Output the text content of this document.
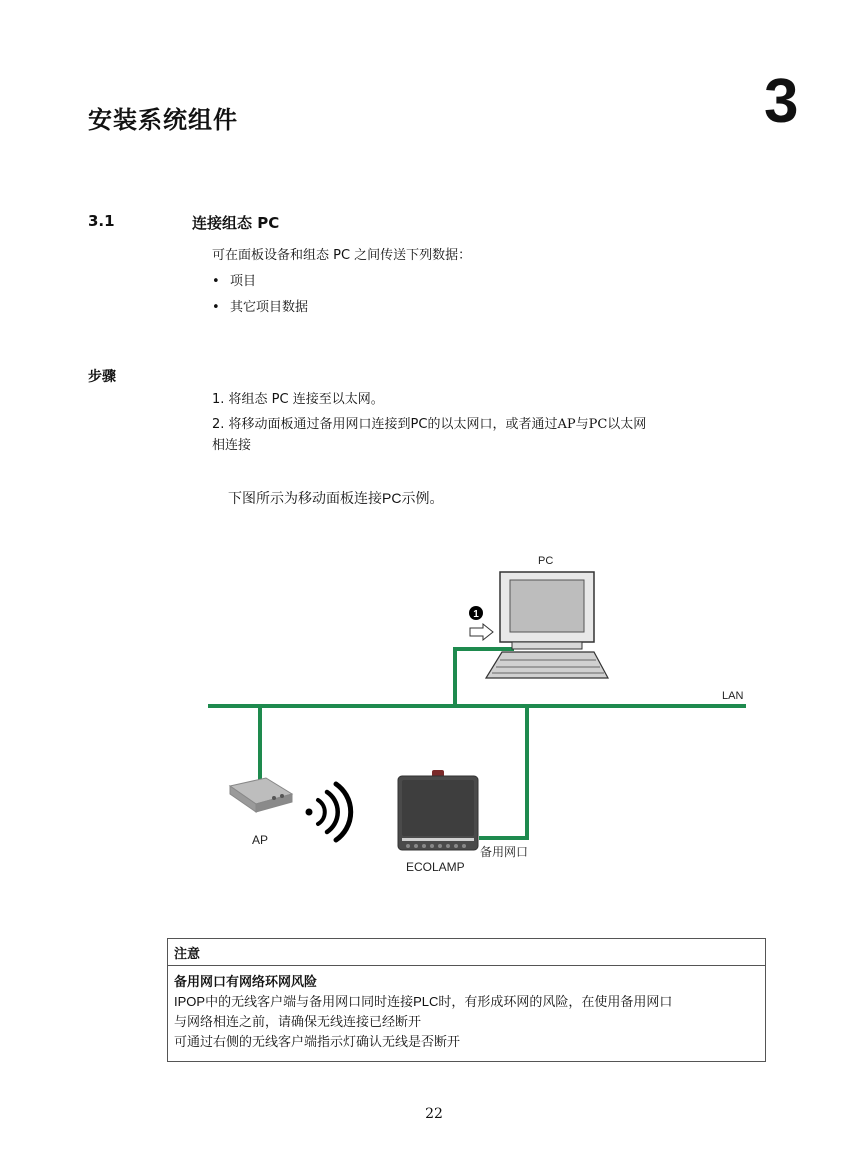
安装系统组件	3
3.1	连接组态 PC
可在面板设备和组态 PC 之间传送下列数据：
• 项目
• 其它项目数据
步骤
1. 将组态 PC 连接至以太网。
2. 将移动面板通过备用网口连接到PC的以太网口，或者通过AP与PC以太网
相连接
下图所示为移动面板连接PC示例。
LAN
PC
1
AP
备用网口
ECOLAMP
注意
备用网口有网络环网风险
IPOP中的无线客户端与备用网口同时连接PLC时，有形成环网的风险，在使用备用网口
与网络相连之前，请确保无线连接已经断开
可通过右侧的无线客户端指示灯确认无线是否断开
22
